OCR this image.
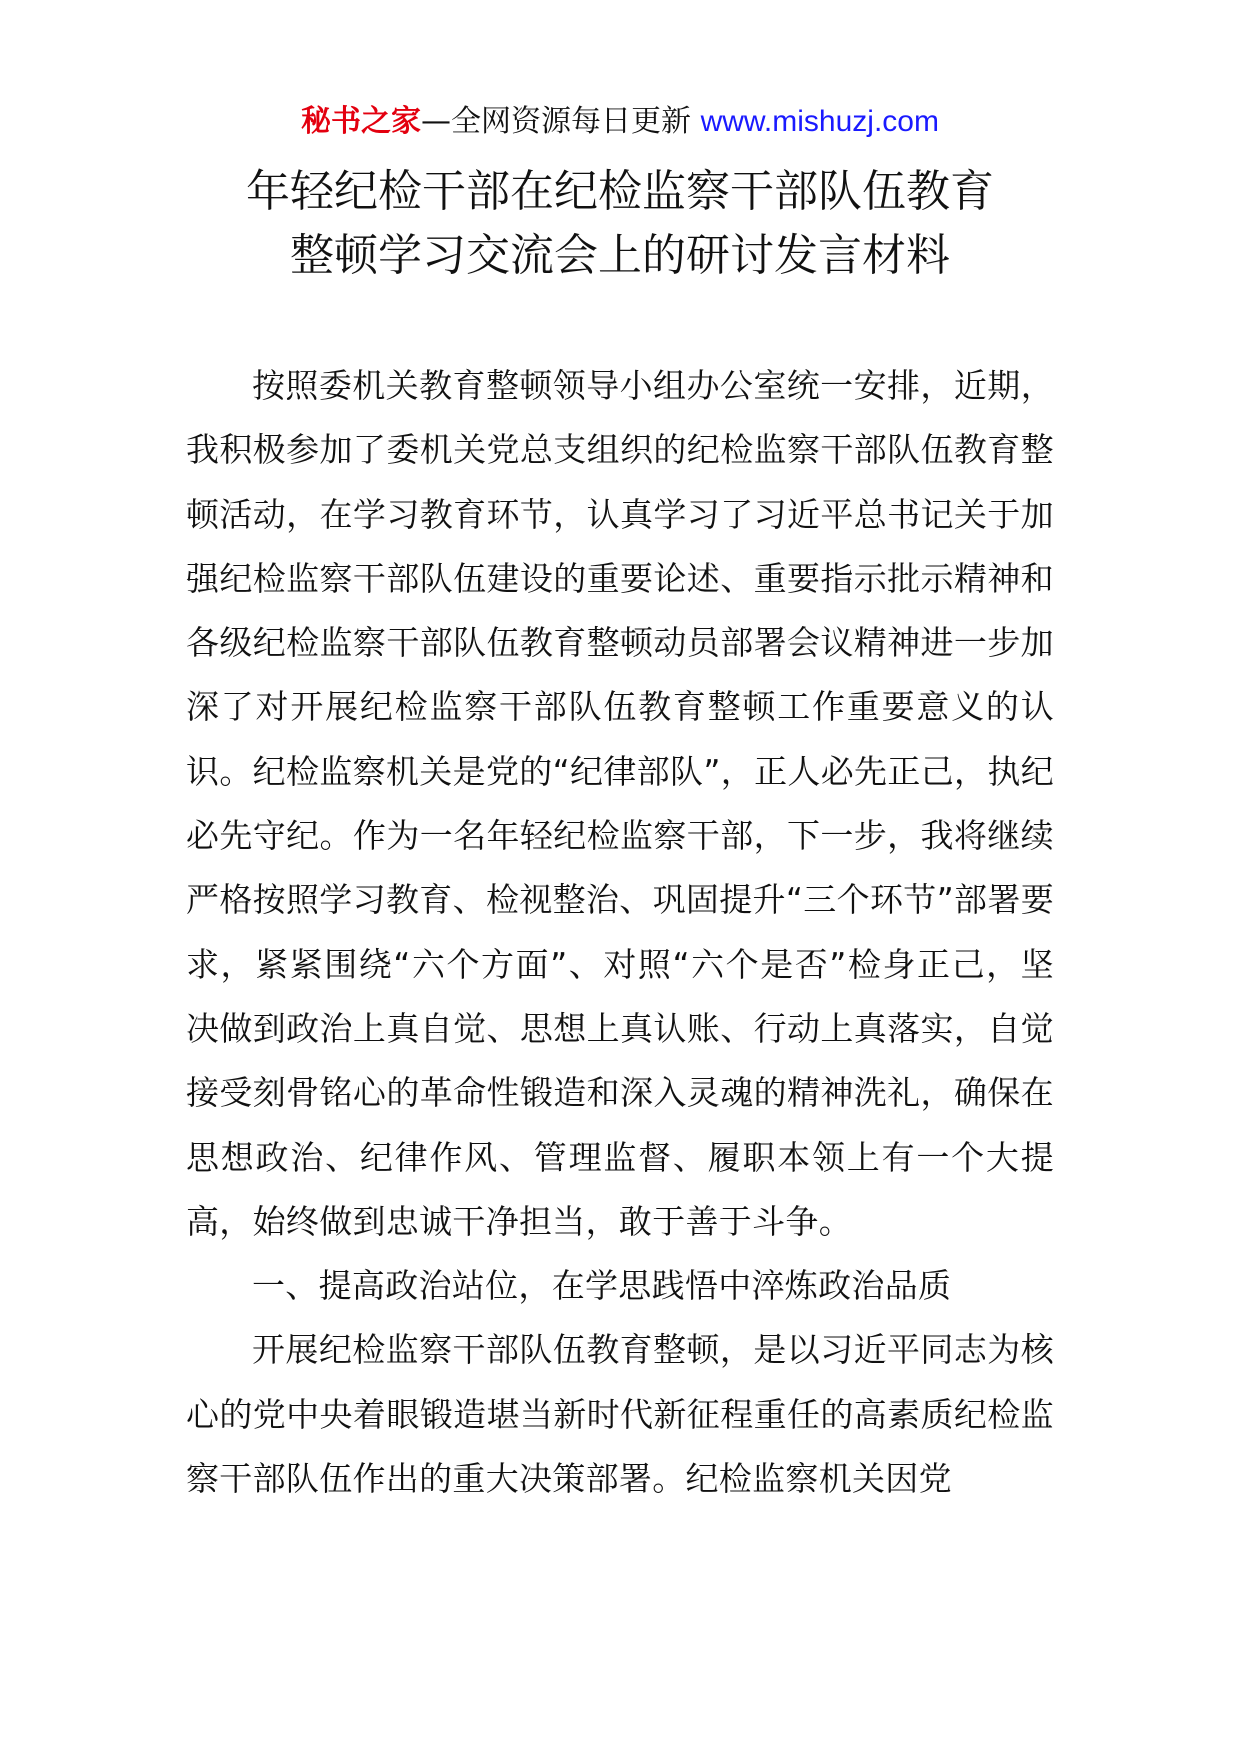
秘书之家—全网资源每日更新 www.mishuzj.com
年轻纪检干部在纪检监察干部队伍教育
整顿学习交流会上的研讨发言材料

按照委机关教育整顿领导小组办公室统一安排，近期，我积极参加了委机关党总支组织的纪检监察干部队伍教育整顿活动，在学习教育环节，认真学习了习近平总书记关于加强纪检监察干部队伍建设的重要论述、重要指示批示精神和各级纪检监察干部队伍教育整顿动员部署会议精神进一步加深了对开展纪检监察干部队伍教育整顿工作重要意义的认识。纪检监察机关是党的“纪律部队”，正人必先正己，执纪必先守纪。作为一名年轻纪检监察干部，下一步，我将继续严格按照学习教育、检视整治、巩固提升“三个环节”部署要求，紧紧围绕“六个方面”、对照“六个是否”检身正己，坚决做到政治上真自觉、思想上真认账、行动上真落实，自觉接受刻骨铭心的革命性锻造和深入灵魂的精神洗礼，确保在思想政治、纪律作风、管理监督、履职本领上有一个大提高，始终做到忠诚干净担当，敢于善于斗争。

一、提高政治站位，在学思践悟中淬炼政治品质

开展纪检监察干部队伍教育整顿，是以习近平同志为核心的党中央着眼锻造堪当新时代新征程重任的高素质纪检监察干部队伍作出的重大决策部署。纪检监察机关因党
